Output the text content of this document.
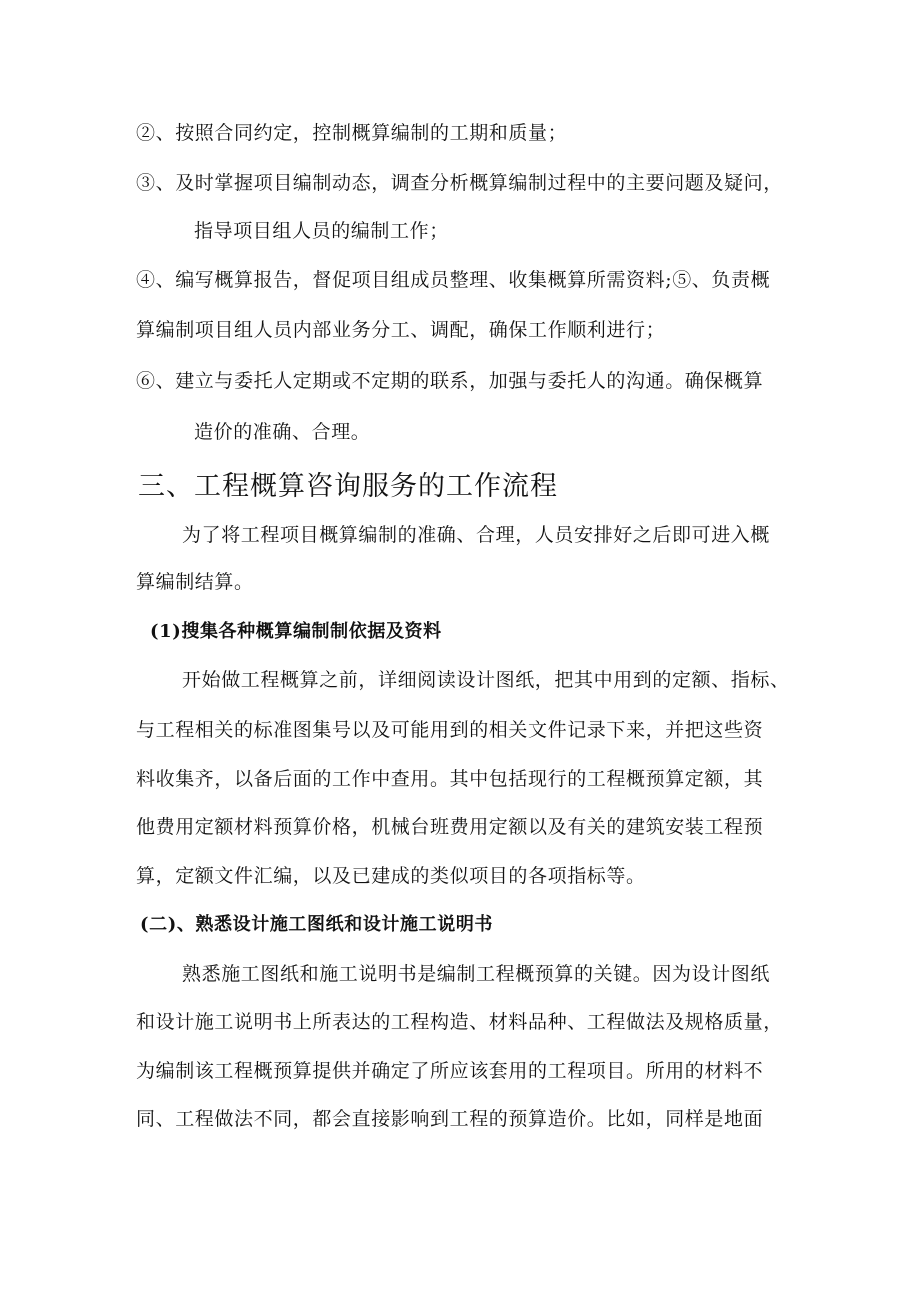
②、按照合同约定，控制概算编制的工期和质量；
③、及时掌握项目编制动态，调查分析概算编制过程中的主要问题及疑问，
指导项目组人员的编制工作；
④、编写概算报告，督促项目组成员整理、收集概算所需资料;⑤、负责概
算编制项目组人员内部业务分工、调配，确保工作顺利进行；
⑥、建立与委托人定期或不定期的联系，加强与委托人的沟通。确保概算
造价的准确、合理。
三、工程概算咨询服务的工作流程
为了将工程项目概算编制的准确、合理，人员安排好之后即可进入概
算编制结算。
(1)搜集各种概算编制制依据及资料
开始做工程概算之前，详细阅读设计图纸，把其中用到的定额、指标、
与工程相关的标准图集号以及可能用到的相关文件记录下来，并把这些资
料收集齐，以备后面的工作中查用。其中包括现行的工程概预算定额，其
他费用定额材料预算价格，机械台班费用定额以及有关的建筑安装工程预
算，定额文件汇编，以及已建成的类似项目的各项指标等。
(二)、熟悉设计施工图纸和设计施工说明书
熟悉施工图纸和施工说明书是编制工程概预算的关键。因为设计图纸
和设计施工说明书上所表达的工程构造、材料品种、工程做法及规格质量，
为编制该工程概预算提供并确定了所应该套用的工程项目。所用的材料不
同、工程做法不同，都会直接影响到工程的预算造价。比如，同样是地面
